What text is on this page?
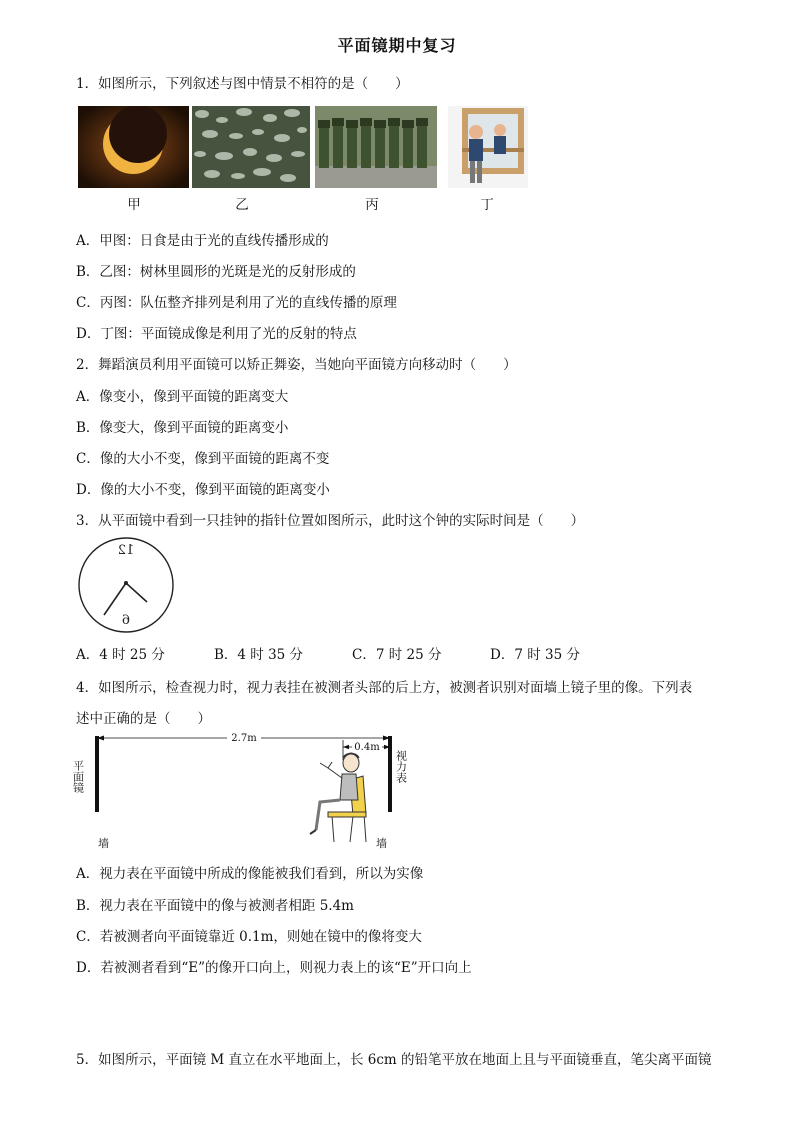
平面镜期中复习
1．如图所示，下列叙述与图中情景不相符的是（　　）
甲	乙	丙	丁
A．甲图：日食是由于光的直线传播形成的
B．乙图：树林里圆形的光斑是光的反射形成的
C．丙图：队伍整齐排列是利用了光的直线传播的原理
D．丁图：平面镜成像是利用了光的反射的特点
2．舞蹈演员利用平面镜可以矫正舞姿，当她向平面镜方向移动时（　　）
A．像变小，像到平面镜的距离变大
B．像变大，像到平面镜的距离变小
C．像的大小不变，像到平面镜的距离不变
D．像的大小不变，像到平面镜的距离变小
3．从平面镜中看到一只挂钟的指针位置如图所示，此时这个钟的实际时间是（　　）
12
6
A．4 时 25 分	B．4 时 35 分	C．7 时 25 分	D．7 时 35 分
4．如图所示，检查视力时，视力表挂在被测者头部的后上方，被测者识别对面墙上镜子里的像。下列表
述中正确的是（　　）
2.7m
0.4m
平面镜	视力表
墙	墙
A．视力表在平面镜中所成的像能被我们看到，所以为实像
B．视力表在平面镜中的像与被测者相距 5.4m
C．若被测者向平面镜靠近 0.1m，则她在镜中的像将变大
D．若被测者看到“E”的像开口向上，则视力表上的该“E”开口向上
5．如图所示，平面镜 M 直立在水平地面上，长 6cm 的铅笔平放在地面上且与平面镜垂直，笔尖离平面镜
